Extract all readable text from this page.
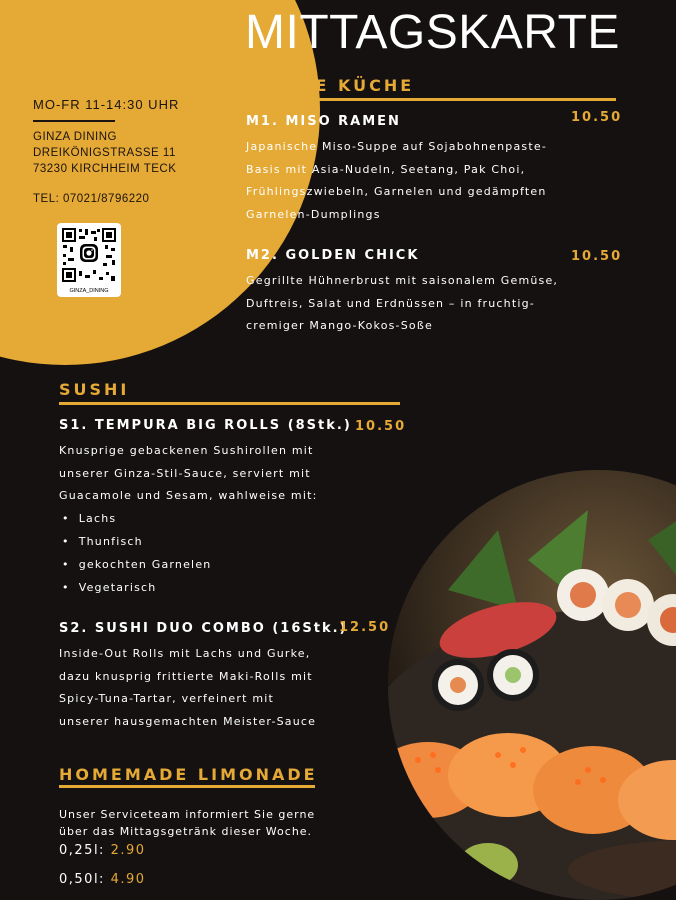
MO-FR 11-14:30 UHR

GINZA DINING
DREIKÖNIGSTRASSE 11
73230 KIRCHHEIM TECK
TEL: 07021/8796220
GINZA_DINING
MITTAGSKARTE
WARME KÜCHE
M1. MISO RAMEN	10.50
Japanische Miso-Suppe auf Sojabohnenpaste-
Basis mit Asia-Nudeln, Seetang, Pak Choi,
Frühlingszwiebeln, Garnelen und gedämpften
Garnelen-Dumplings
M2. GOLDEN CHICK	10.50
Gegrillte Hühnerbrust mit saisonalem Gemüse,
Duftreis, Salat und Erdnüssen – in fruchtig-
cremiger Mango-Kokos-Soße
SUSHI
S1. TEMPURA BIG ROLLS (8Stk.) 10.50
Knusprige gebackenen Sushirollen mit
unserer Ginza-Stil-Sauce, serviert mit
Guacamole und Sesam, wahlweise mit:
• Lachs
• Thunfisch
• gekochten Garnelen
• Vegetarisch
S2. SUSHI DUO COMBO (16Stk.)
12.50
Inside-Out Rolls mit Lachs und Gurke,
dazu knusprig frittierte Maki-Rolls mit
Spicy-Tuna-Tartar, verfeinert mit
unserer hausgemachten Meister-Sauce
HOMEMADE LIMONADE
Unser Serviceteam informiert Sie gerne
über das Mittagsgetränk dieser Woche.
0,25l: 2.90
0,50l: 4.90
